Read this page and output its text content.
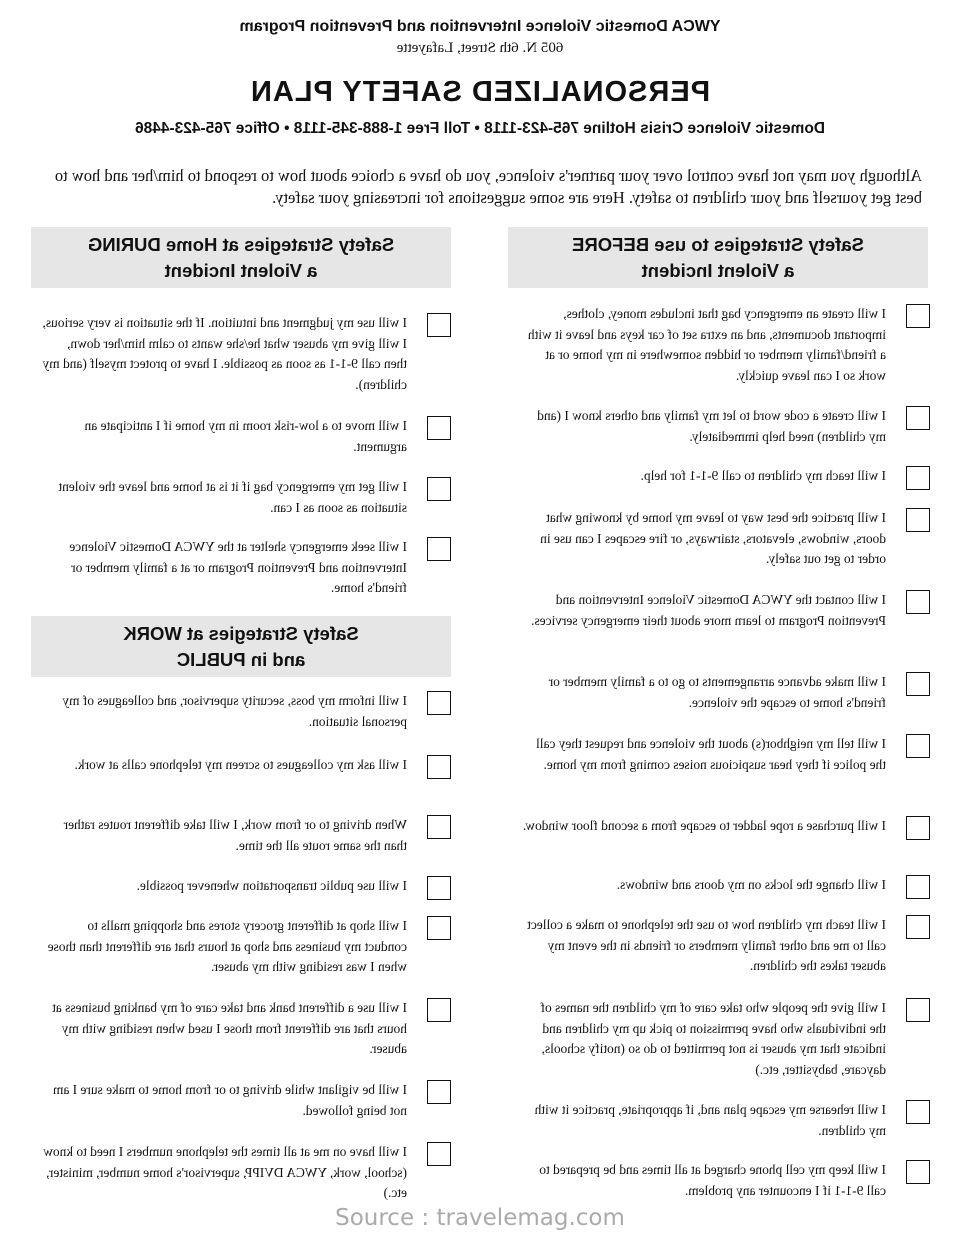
YWCA Domestic Violence Intervention and Prevention Program
605 N. 6th Street, Lafayette
PERSONALIZED SAFETY PLAN
Domestic Violence Crisis Hotline 765-423-1118 • Toll Free 1-888-345-1118 • Office 765-423-4486
Although you may not have control over your partner's violence, you do have a choice about how to respond to him/her and how to best get yourself and your children to safety. Here are some suggestions for increasing your safety.
Safety Strategies to use BEFORE
a Violent Incident
I will create an emergency bag that includes money, clothes, important documents, and an extra set of car keys and leave it with a friend/family member or hidden somewhere in my home or at work so I can leave quickly.
I will create a code word to let my family and others know I (and my children) need help immediately.
I will teach my children to call 9-1-1 for help.
I will practice the best way to leave my home by knowing what doors, windows, elevators, stairways, or fire escapes I can use in order to get out safely.
I will contact the YWCA Domestic Violence Intervention and Prevention Program to learn more about their emergency services.
I will make advance arrangements to go to a family member or friend's home to escape the violence.
I will tell my neighbor(s) about the violence and request they call the police if they hear suspicious noises coming from my home.
I will purchase a rope ladder to escape from a second floor window.
I will change the locks on my doors and windows.
I will teach my children how to use the telephone to make a collect call to me and other family members or friends in the event my abuser takes the children.
I will give the people who take care of my children the names of the individuals who have permission to pick up my children and indicate that my abuser is not permitted to do so (notify schools, daycare, babysitter, etc.)
I will rehearse my escape plan and, if appropriate, practice it with my children.
I will keep my cell phone charged at all times and be prepared to call 9-1-1 if I encounter any problem.
Safety Strategies at Home DURING
a Violent Incident
I will use my judgment and intuition. If the situation is very serious, I will give my abuser what he/she wants to calm him/her down, then call 9-1-1 as soon as possible. I have to protect myself (and my children).
I will move to a low-risk room in my home if I anticipate an argument.
I will get my emergency bag if it is at home and leave the violent situation as soon as I can.
I will seek emergency shelter at the YWCA Domestic Violence Intervention and Prevention Program or at a family member or friend's home.
Safety Strategies at WORK
and in PUBLIC
I will inform my boss, security supervisor, and colleagues of my personal situation.
I will ask my colleagues to screen my telephone calls at work.
When driving to or from work, I will take different routes rather than the same route all the time.
I will use public transportation whenever possible.
I will shop at different grocery stores and shopping malls to conduct my business and shop at hours that are different than those when I was residing with my abuser.
I will use a different bank and take care of my banking business at hours that are different from those I used when residing with my abuser.
I will be vigilant while driving to or from home to make sure I am not being followed.
I will have on me at all times the telephone numbers I need to know (school, work, YWCA DVIPP, supervisor's home number, minister, etc.)
Source : travelemag.com
